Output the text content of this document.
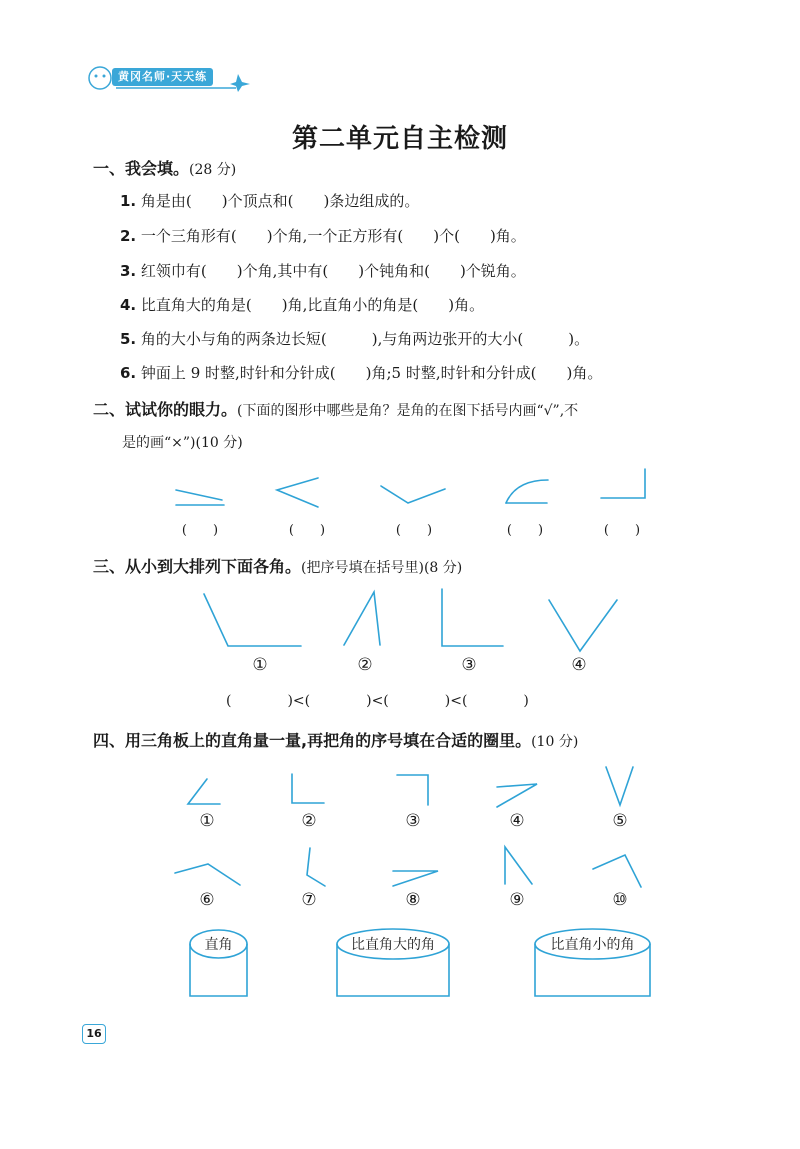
黄冈名师·天天练
第二单元自主检测
一、我会填。(28 分)
1. 角是由(　　)个顶点和(　　)条边组成的。
2. 一个三角形有(　　)个角,一个正方形有(　　)个(　　)角。
3. 红领巾有(　　)个角,其中有(　　)个钝角和(　　)个锐角。
4. 比直角大的角是(　　)角,比直角小的角是(　　)角。
5. 角的大小与角的两条边长短(　　　),与角两边张开的大小(　　　)。
6. 钟面上 9 时整,时针和分针成(　　)角;5 时整,时针和分针成(　　)角。
二、试试你的眼力。(下面的图形中哪些是角？是角的在图下括号内画“√”,不
是的画“×”)(10 分)
(　　)	(　　)	(　　)	(　　)	(　　)
三、从小到大排列下面各角。(把序号填在括号里)(8 分)
①	②	③	④
(　　　　)<(　　　　)<(　　　　)<(　　　　)
四、用三角板上的直角量一量,再把角的序号填在合适的圈里。(10 分)
①	②	③	④	⑤
⑥	⑦	⑧	⑨	⑩
直角	比直角大的角	比直角小的角
16
